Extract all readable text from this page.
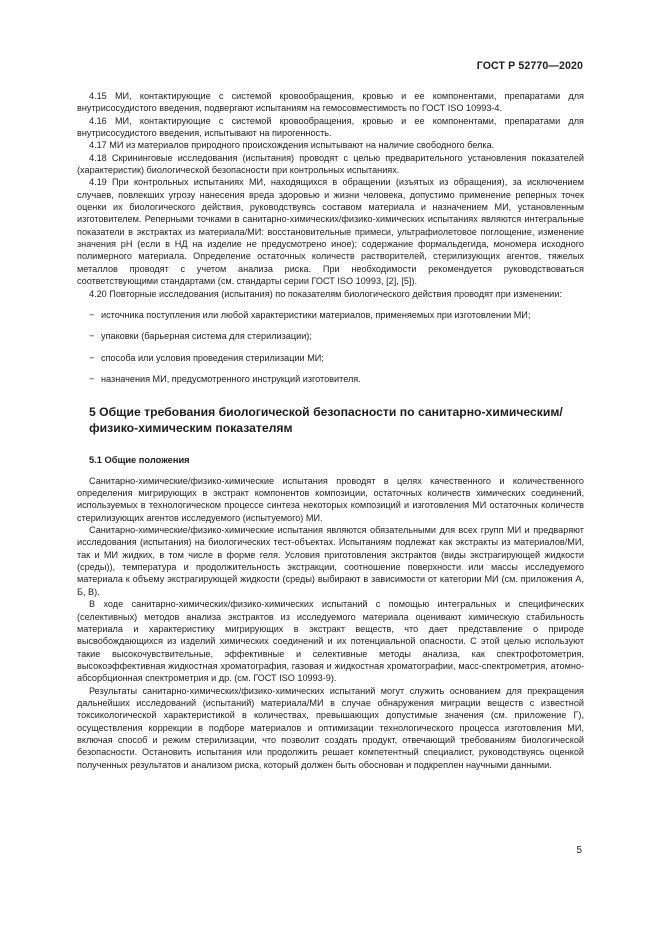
ГОСТ Р 52770—2020

4.15 МИ, контактирующие с системой кровообращения, кровью и ее компонентами, препаратами для внутрисосудистого введения, подвергают испытаниям на гемосовместимость по ГОСТ ISO 10993-4.

4.16 МИ, контактирующие с системой кровообращения, кровью и ее компонентами, препаратами для внутрисосудистого введения, испытывают на пирогенность.

4.17 МИ из материалов природного происхождения испытывают на наличие свободного белка.

4.18 Скрининговые исследования (испытания) проводят с целью предварительного установления показателей (характеристик) биологической безопасности при контрольных испытаниях.

4.19 При контрольных испытаниях МИ, находящихся в обращении (изъятых из обращения), за исключением случаев, повлекших угрозу нанесения вреда здоровью и жизни человека, допустимо применение реперных точек оценки их биологического действия, руководствуясь составом материала и назначением МИ, установленным изготовителем. Реперными точками в санитарно-химических/физико-химических испытаниях являются интегральные показатели в экстрактах из материала/МИ: восстановительные примеси, ультрафиолетовое поглощение, изменение значения pH (если в НД на изделие не предусмотрено иное); содержание формальдегида, мономера исходного полимерного материала. Определение остаточных количеств растворителей, стерилизующих агентов, тяжелых металлов проводят с учетом анализа риска. При необходимости рекомендуется руководствоваться соответствующими стандартами (см. стандарты серии ГОСТ ISO 10993, [2], [5]).

4.20 Повторные исследования (испытания) по показателям биологического действия проводят при изменении:

− источника поступления или любой характеристики материалов, применяемых при изготовлении МИ;

− упаковки (барьерная система для стерилизации);

− способа или условия проведения стерилизации МИ;

− назначения МИ, предусмотренного инструкций изготовителя.

5 Общие требования биологической безопасности по санитарно-химическим/физико-химическим показателям
5.1 Общие положения

Санитарно-химические/физико-химические испытания проводят в целях качественного и количественного определения мигрирующих в экстракт компонентов композиции, остаточных количеств химических соединений, используемых в технологическом процессе синтеза некоторых композиций и изготовления МИ остаточных количеств стерилизующих агентов исследуемого (испытуемого) МИ.

Санитарно-химические/физико-химические испытания являются обязательными для всех групп МИ и предваряют исследования (испытания) на биологических тест-объектах. Испытаниям подлежат как экстракты из материалов/МИ, так и МИ жидких, в том числе в форме геля. Условия приготовления экстрактов (виды экстрагирующей жидкости (среды)), температура и продолжительность экстракции, соотношение поверхности или массы исследуемого материала к объему экстрагирующей жидкости (среды) выбирают в зависимости от категории МИ (см. приложения А, Б, В).

В ходе санитарно-химических/физико-химических испытаний с помощью интегральных и специфических (селективных) методов анализа экстрактов из исследуемого материала оценивают химическую стабильность материала и характеристику мигрирующих в экстракт веществ, что дает представление о природе высвобождающихся из изделий химических соединений и их потенциальной опасности. С этой целью используют такие высокочувствительные, эффективные и селективные методы анализа, как спектрофотометрия, высокоэффективная жидкостная хроматография, газовая и жидкостная хроматографии, масс-спектрометрия, атомно-абсорбционная спектрометрия и др. (см. ГОСТ ISO 10993-9).

Результаты санитарно-химических/физико-химических испытаний могут служить основанием для прекращения дальнейших исследований (испытаний) материала/МИ в случае обнаружения миграции веществ с известной токсикологической характеристикой в количествах, превышающих допустимые значения (см. приложение Г), осуществления коррекции в подборе материалов и оптимизации технологического процесса изготовления МИ, включая способ и режим стерилизации, что позволит создать продукт, отвечающий требованиям биологической безопасности. Остановить испытания или продолжить решает компетентный специалист, руководствуясь оценкой полученных результатов и анализом риска, который должен быть обоснован и подкреплен научными данными.

5
